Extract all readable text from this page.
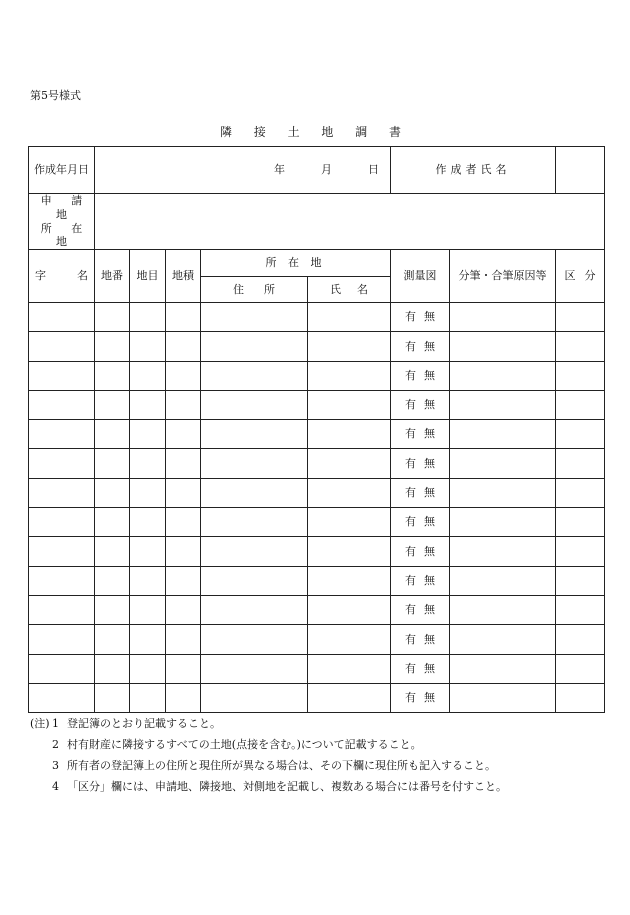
第5号様式
隣 接 土 地 調 書
作成年月日	年 月 日					作成者氏名		
申 請 地
所 在 地								

字 名	地番	地目	地積	所 在 地		測量図	分筆・合筆原因等	区 分

				住 所	氏 名			

						有 無		

						有 無		

						有 無		

						有 無		

						有 無		

						有 無		

						有 無		

						有 無		

						有 無		

						有 無		

						有 無		

						有 無		

						有 無		

						有 無		

(注) 1 登記簿のとおり記載すること。
2 村有財産に隣接するすべての土地(点接を含む。)について記載すること。
3 所有者の登記簿上の住所と現住所が異なる場合は、その下欄に現住所も記入すること。
4 「区分」欄には、申請地、隣接地、対側地を記載し、複数ある場合には番号を付すこと。
